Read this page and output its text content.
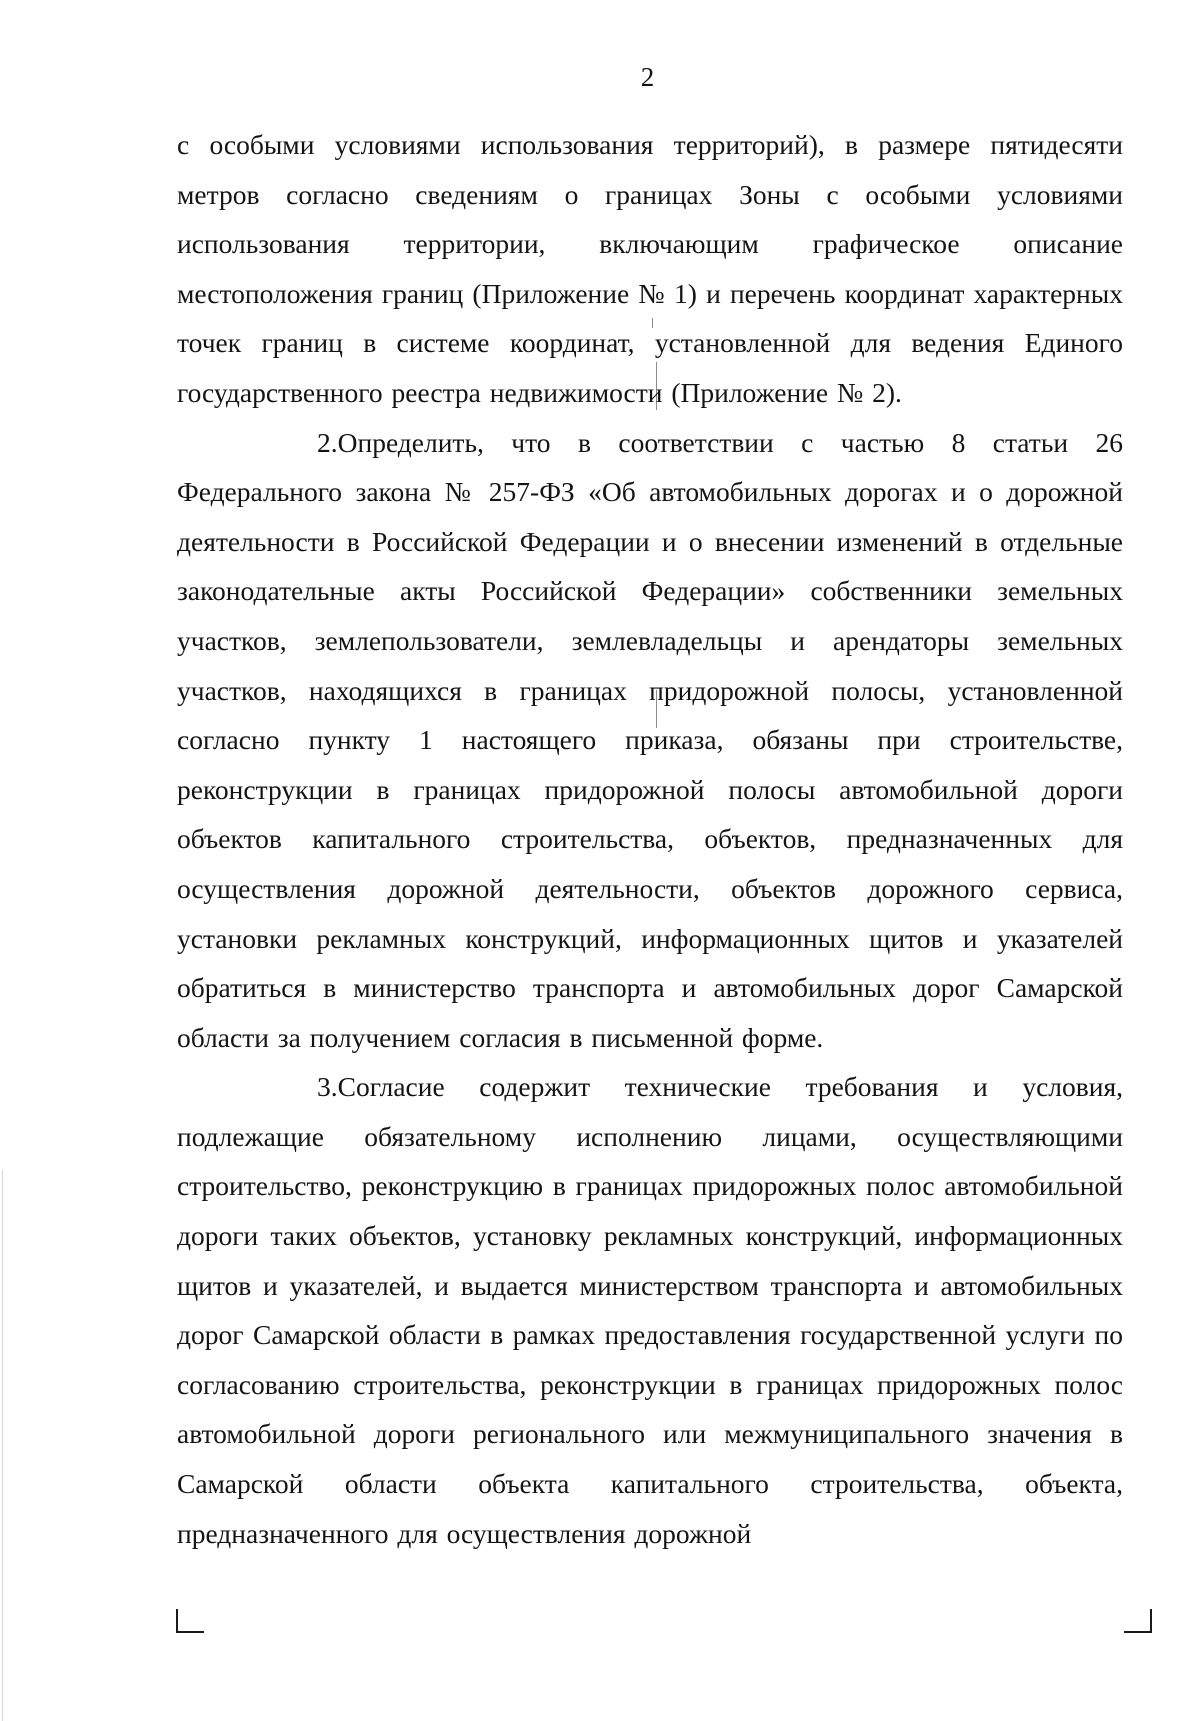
2

с особыми условиями использования территорий), в размере пятидесяти метров согласно сведениям о границах Зоны с особыми условиями использования территории, включающим графическое описание местоположения границ (Приложение № 1) и перечень координат характерных точек границ в системе координат, установленной для ведения Единого государственного реестра недвижимости (Приложение № 2).

2.Определить, что в соответствии с частью 8 статьи 26 Федерального закона № 257-ФЗ «Об автомобильных дорогах и о дорожной деятельности в Российской Федерации и о внесении изменений в отдельные законодательные акты Российской Федерации» собственники земельных участков, землепользователи, землевладельцы и арендаторы земельных участков, находящихся в границах придорожной полосы, установленной согласно пункту 1 настоящего приказа, обязаны при строительстве, реконструкции в границах придорожной полосы автомобильной дороги объектов капитального строительства, объектов, предназначенных для осуществления дорожной деятельности, объектов дорожного сервиса, установки рекламных конструкций, информационных щитов и указателей обратиться в министерство транспорта и автомобильных дорог Самарской области за получением согласия в письменной форме.

3.Согласие содержит технические требования и условия, подлежащие обязательному исполнению лицами, осуществляющими строительство, реконструкцию в границах придорожных полос автомобильной дороги таких объектов, установку рекламных конструкций, информационных щитов и указателей, и выдается министерством транспорта и автомобильных дорог Самарской области в рамках предоставления государственной услуги по согласованию строительства, реконструкции в границах придорожных полос автомобильной дороги регионального или межмуниципального значения в Самарской области объекта капитального строительства, объекта, предназначенного для осуществления дорожной
